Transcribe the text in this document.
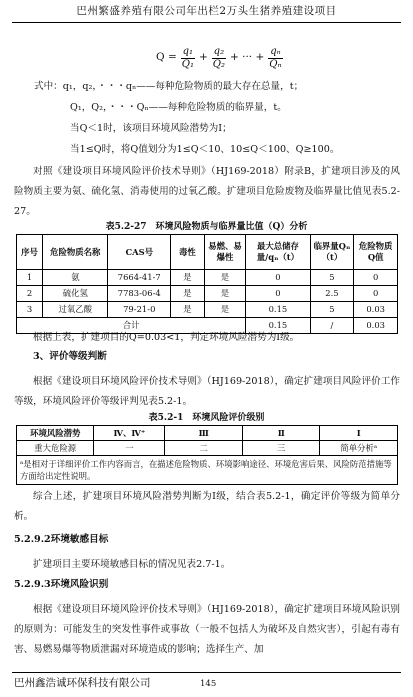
巴州繁盛养殖有限公司年出栏2万头生猪养殖建设项目
$Q = \frac{\text{q₁}}{\text{Q₁}} + \frac{\text{q₂}}{\text{Q₂}}$ + ··· + $\frac{\text{qₙ}}{\text{Qₙ}}$
式中：q₁，q₂，・・・qₙ——每种危险物质的最大存在总量，t；
Q₁，Q₂，・・・Qₙ——每种危险物质的临界量，t。
当Q＜1时，该项目环境风险潜势为Ⅰ；
当1≤Q时，将Q值划分为1≤Q＜10、10≤Q＜100、Q≥100。
对照《建设项目环境风险评价技术导则》（HJ169-2018）附录B，扩建项目涉及的风险物质主要为氨、硫化氢、消毒使用的过氧乙酸。扩建项目危险废物及临界量比值见表5.2-27。
表5.2-27　环境风险物质与临界量比值（Q）分析
序号	危险物质名称	CAS号	毒性	易燃、易爆性	最大总储存量/qₙ（t）	临界量Qₙ（t）	危险物质Q值
1	氨	7664-41-7	是	是	0	5	0
2	硫化氢	7783-06-4	是	是	0	2.5	0
3	过氧乙酸	79-21-0	是	是	0.15	5	0.03
合计					0.15	/	0.03
根据上表，扩建项目的Q=0.03<1，判定环境风险潜势为Ⅰ级。
3、评价等级判断
根据《建设项目环境风险评价技术导则》（HJ169-2018），确定扩建项目风险评价工作等级，环境风险评价等级评判见表5.2-1。
表5.2-1　环境风险评价级别
环境风险潜势	Ⅳ、Ⅳ⁺	Ⅲ	Ⅱ	Ⅰ
重大危险源	一	二	三	简单分析ᵃ
ᵃ是相对于详细评价工作内容而言，在描述危险物质、环境影响途径、环境危害后果、风险防范措施等方面给出定性说明。				
综合上述，扩建项目环境风险潜势判断为Ⅰ级，结合表5.2-1，确定评价等级为简单分析。
5.2.9.2环境敏感目标
扩建项目主要环境敏感目标的情况见表2.7-1。
5.2.9.3环境风险识别
根据《建设项目环境风险评价技术导则》（HJ169-2018），确定扩建项目环境风险识别的原则为：可能发生的突发性事件或事故（一般不包括人为破坏及自然灾害），引起有毒有害、易燃易爆等物质泄漏对环境造成的影响；选择生产、加
巴州鑫浩诚环保科技有限公司	145
